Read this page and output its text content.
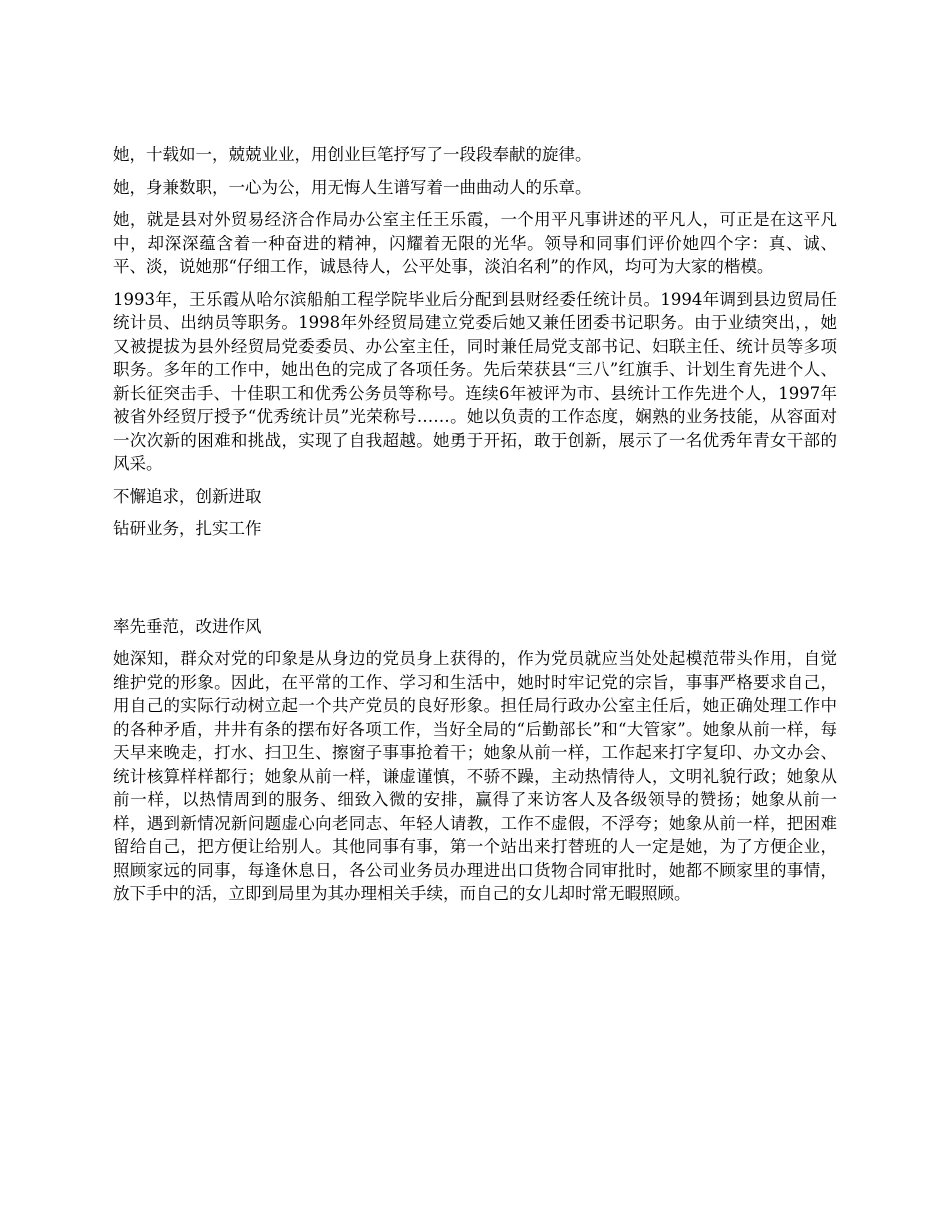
她，十载如一，兢兢业业，用创业巨笔抒写了一段段奉献的旋律。

她，身兼数职，一心为公，用无悔人生谱写着一曲曲动人的乐章。

她，就是县对外贸易经济合作局办公室主任王乐霞，一个用平凡事讲述的平凡人，可正是在这平凡中，却深深蕴含着一种奋进的精神，闪耀着无限的光华。领导和同事们评价她四个字：真、诚、平、淡，说她那“仔细工作，诚恳待人，公平处事，淡泊名利”的作风，均可为大家的楷模。

1993年，王乐霞从哈尔滨船舶工程学院毕业后分配到县财经委任统计员。1994年调到县边贸局任统计员、出纳员等职务。1998年外经贸局建立党委后她又兼任团委书记职务。由于业绩突出，，她又被提拔为县外经贸局党委委员、办公室主任，同时兼任局党支部书记、妇联主任、统计员等多项职务。多年的工作中，她出色的完成了各项任务。先后荣获县“三八”红旗手、计划生育先进个人、新长征突击手、十佳职工和优秀公务员等称号。连续6年被评为市、县统计工作先进个人，1997年被省外经贸厅授予“优秀统计员”光荣称号……。她以负责的工作态度，娴熟的业务技能，从容面对一次次新的困难和挑战，实现了自我超越。她勇于开拓，敢于创新，展示了一名优秀年青女干部的风采。

不懈追求，创新进取

钻研业务，扎实工作

率先垂范，改进作风

她深知，群众对党的印象是从身边的党员身上获得的，作为党员就应当处处起模范带头作用，自觉维护党的形象。因此，在平常的工作、学习和生活中，她时时牢记党的宗旨，事事严格要求自己，用自己的实际行动树立起一个共产党员的良好形象。担任局行政办公室主任后，她正确处理工作中的各种矛盾，井井有条的摆布好各项工作，当好全局的“后勤部长”和“大管家”。她象从前一样，每天早来晚走，打水、扫卫生、擦窗子事事抢着干；她象从前一样，工作起来打字复印、办文办会、统计核算样样都行；她象从前一样，谦虚谨慎，不骄不躁，主动热情待人，文明礼貌行政；她象从前一样，以热情周到的服务、细致入微的安排，赢得了来访客人及各级领导的赞扬；她象从前一样，遇到新情况新问题虚心向老同志、年轻人请教，工作不虚假，不浮夸；她象从前一样，把困难留给自己，把方便让给别人。其他同事有事，第一个站出来打替班的人一定是她，为了方便企业，照顾家远的同事，每逢休息日，各公司业务员办理进出口货物合同审批时，她都不顾家里的事情，放下手中的活，立即到局里为其办理相关手续，而自己的女儿却时常无暇照顾。
